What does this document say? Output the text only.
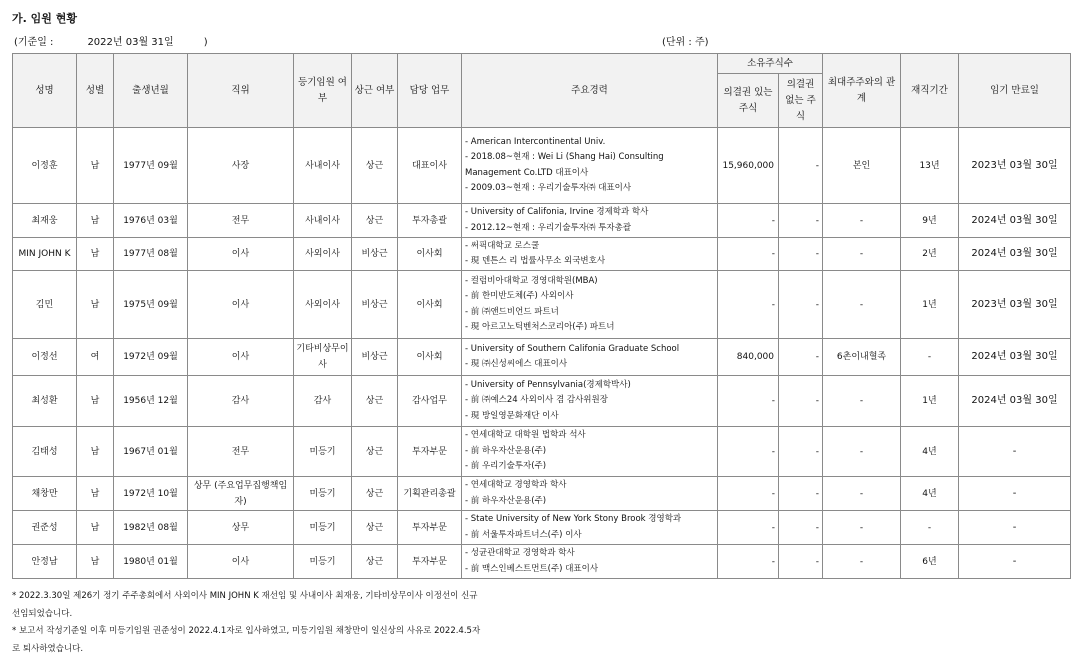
가. 임원 현황
(기준일 :	2022년 03월 31일	)	(단위 : 주)
성명	성별	출생년월	직위	등기임원 여부	상근 여부	담당 업무	주요경력	소유주식수		최대주주와의 관계	재직기간	임기 만료일
								의결권 있는 주식	의결권 없는 주식			
이정훈	남	1977년 09월	사장	사내이사	상근	대표이사	- American Intercontinental Univ.
- 2018.08~현재 : Wei Li (Shang Hai) Consulting Management Co.LTD 대표이사
- 2009.03~현재 : 우리기술투자㈜ 대표이사	15,960,000	-	본인	13년	2023년 03월 30일
최재웅	남	1976년 03월	전무	사내이사	상근	투자총괄	- University of Califonia, Irvine 경제학과 학사
- 2012.12~현재 : 우리기술투자㈜ 투자총괄	-	-	-	9년	2024년 03월 30일
MIN JOHN K	남	1977년 08월	이사	사외이사	비상근	이사회	- 써픽대학교 로스쿨
- 現 덴튼스 리 법률사무소 외국변호사	-	-	-	2년	2024년 03월 30일
김민	남	1975년 09월	이사	사외이사	비상근	이사회	- 컬럼비아대학교 경영대학원(MBA)
- 前 한미반도체(주) 사외이사
- 前 ㈜앤드비언드 파트너
- 現 아르고노틱벤처스코리아(주) 파트너	-	-	-	1년	2023년 03월 30일
이정선	여	1972년 09월	이사	기타비상무이사	비상근	이사회	- University of Southern Califonia Graduate School
- 現 ㈜신성씨에스 대표이사	840,000	-	6촌이내혈족	-	2024년 03월 30일
최성환	남	1956년 12월	감사	감사	상근	감사업무	- University of Pennsylvania(경제학박사)
- 前 ㈜예스24 사외이사 겸 감사위원장
- 現 방일영문화재단 이사	-	-	-	1년	2024년 03월 30일
김태성	남	1967년 01월	전무	미등기	상근	투자부문	- 연세대학교 대학원 법학과 석사
- 前 하우자산운용(주)
- 前 우리기술투자(주)	-	-	-	4년	-
채창만	남	1972년 10월	상무 (주요업무집행책임자)	미등기	상근	기획관리총괄	- 연세대학교 경영학과 학사
- 前 하우자산운용(주)	-	-	-	4년	-
권준성	남	1982년 08월	상무	미등기	상근	투자부문	- State University of New York Stony Brook 경영학과
- 前 서울투자파트너스(주) 이사	-	-	-	-	-
안정남	남	1980년 01월	이사	미등기	상근	투자부문	- 성균관대학교 경영학과 학사
- 前 맥스인베스트먼트(주) 대표이사	-	-	-	6년	-
* 2022.3.30일 제26기 정기 주주총회에서 사외이사 MIN JOHN K 재선임 및 사내이사 최재웅, 기타비상무이사 이정선이 신규 선임되었습니다.
* 보고서 작성기준일 이후 미등기임원 권준성이 2022.4.1자로 입사하였고, 미등기임원 채창만이 일신상의 사유로 2022.4.5자로 퇴사하였습니다.
